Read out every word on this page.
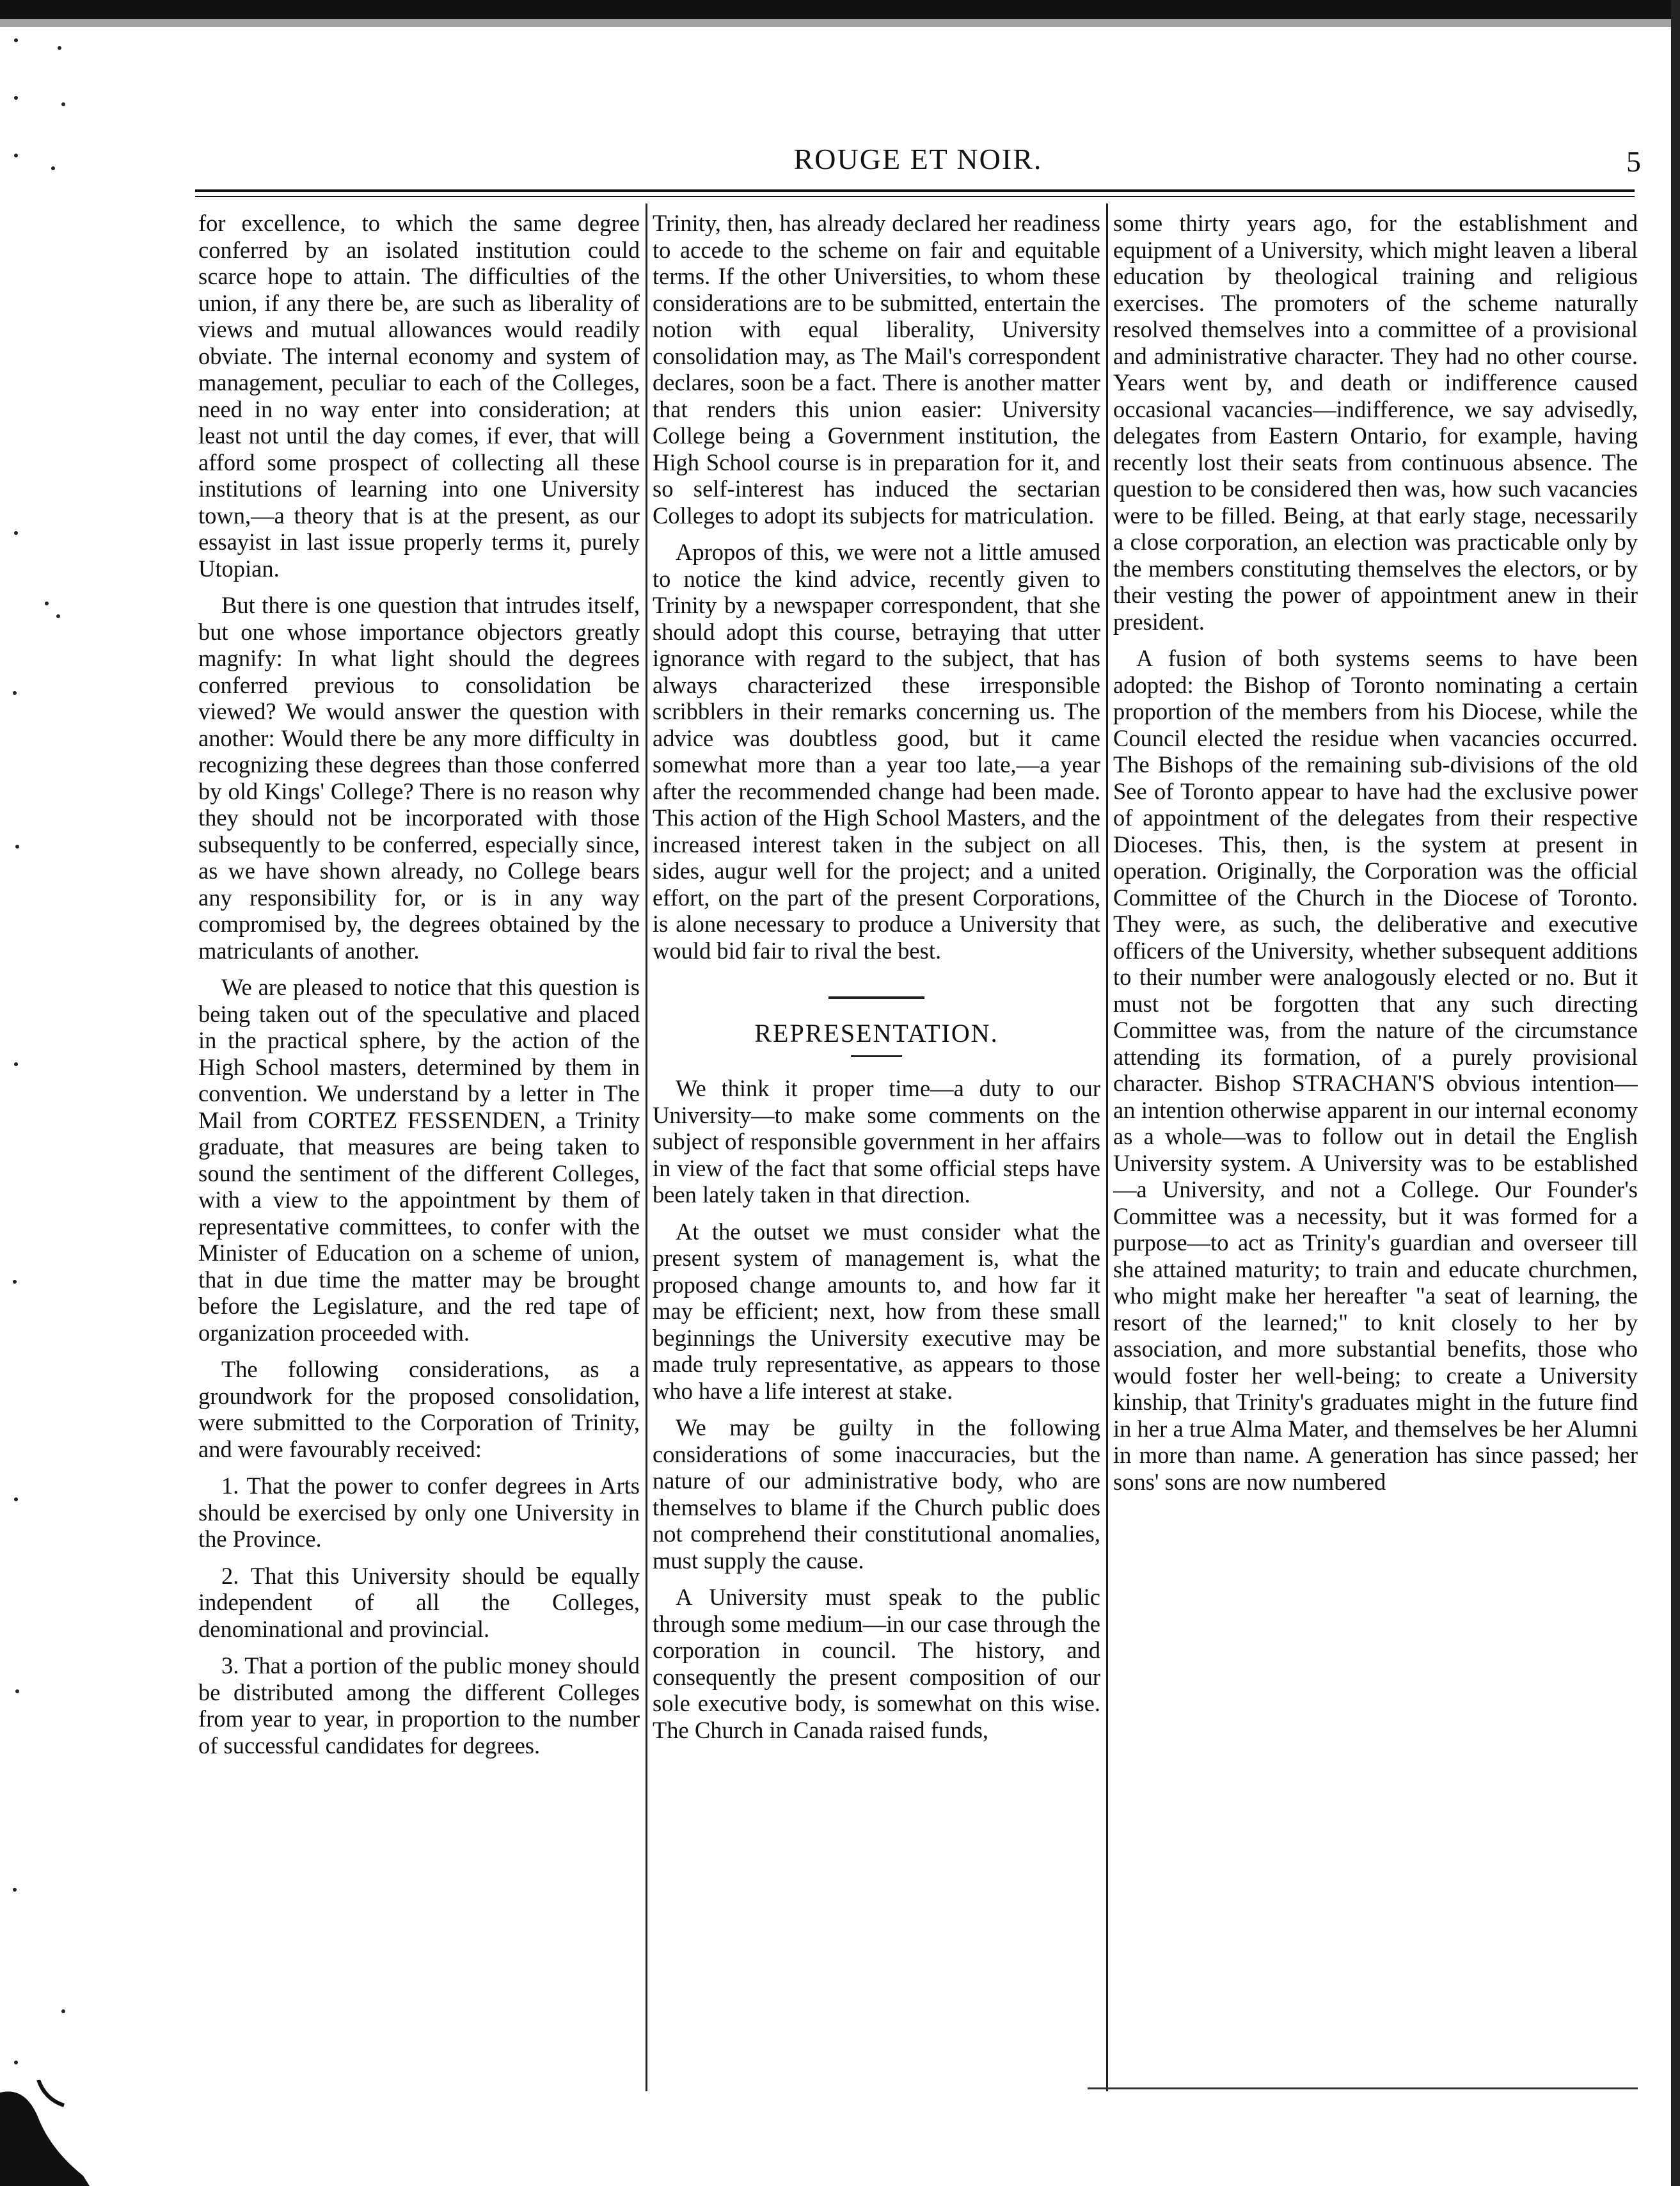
ROUGE ET NOIR.	5

for excellence, to which the same degree conferred by an isolated institution could scarce hope to attain. The difficulties of the union, if any there be, are such as liberality of views and mutual allowances would readily obviate. The internal economy and system of management, peculiar to each of the Colleges, need in no way enter into consideration; at least not until the day comes, if ever, that will afford some prospect of collecting all these institutions of learning into one University town,—a theory that is at the present, as our essayist in last issue properly terms it, purely Utopian.

But there is one question that intrudes itself, but one whose importance objectors greatly magnify: In what light should the degrees conferred previous to consolidation be viewed? We would answer the question with another: Would there be any more difficulty in recognizing these degrees than those conferred by old Kings' College? There is no reason why they should not be incorporated with those subsequently to be conferred, especially since, as we have shown already, no College bears any responsibility for, or is in any way compromised by, the degrees obtained by the matriculants of another.

We are pleased to notice that this question is being taken out of the speculative and placed in the practical sphere, by the action of the High School masters, determined by them in convention. We understand by a letter in The Mail from CORTEZ FESSENDEN, a Trinity graduate, that measures are being taken to sound the sentiment of the different Colleges, with a view to the appointment by them of representative committees, to confer with the Minister of Education on a scheme of union, that in due time the matter may be brought before the Legislature, and the red tape of organization proceeded with.

The following considerations, as a groundwork for the proposed consolidation, were submitted to the Corporation of Trinity, and were favourably received:

1. That the power to confer degrees in Arts should be exercised by only one University in the Province.

2. That this University should be equally independent of all the Colleges, denominational and provincial.

3. That a portion of the public money should be distributed among the different Colleges from year to year, in proportion to the number of successful candidates for degrees.

Trinity, then, has already declared her readiness to accede to the scheme on fair and equitable terms. If the other Universities, to whom these considerations are to be submitted, entertain the notion with equal liberality, University consolidation may, as The Mail's correspondent declares, soon be a fact. There is another matter that renders this union easier: University College being a Government institution, the High School course is in preparation for it, and so self-interest has induced the sectarian Colleges to adopt its subjects for matriculation.

Apropos of this, we were not a little amused to notice the kind advice, recently given to Trinity by a newspaper correspondent, that she should adopt this course, betraying that utter ignorance with regard to the subject, that has always characterized these irresponsible scribblers in their remarks concerning us. The advice was doubtless good, but it came somewhat more than a year too late,—a year after the recommended change had been made. This action of the High School Masters, and the increased interest taken in the subject on all sides, augur well for the project; and a united effort, on the part of the present Corporations, is alone necessary to produce a University that would bid fair to rival the best.

REPRESENTATION.

We think it proper time—a duty to our University—to make some comments on the subject of responsible government in her affairs in view of the fact that some official steps have been lately taken in that direction.

At the outset we must consider what the present system of management is, what the proposed change amounts to, and how far it may be efficient; next, how from these small beginnings the University executive may be made truly representative, as appears to those who have a life interest at stake.

We may be guilty in the following considerations of some inaccuracies, but the nature of our administrative body, who are themselves to blame if the Church public does not comprehend their constitutional anomalies, must supply the cause.

A University must speak to the public through some medium—in our case through the corporation in council. The history, and consequently the present composition of our sole executive body, is somewhat on this wise. The Church in Canada raised funds,

some thirty years ago, for the establishment and equipment of a University, which might leaven a liberal education by theological training and religious exercises. The promoters of the scheme naturally resolved themselves into a committee of a provisional and administrative character. They had no other course. Years went by, and death or indifference caused occasional vacancies—indifference, we say advisedly, delegates from Eastern Ontario, for example, having recently lost their seats from continuous absence. The question to be considered then was, how such vacancies were to be filled. Being, at that early stage, necessarily a close corporation, an election was practicable only by the members constituting themselves the electors, or by their vesting the power of appointment anew in their president.

A fusion of both systems seems to have been adopted: the Bishop of Toronto nominating a certain proportion of the members from his Diocese, while the Council elected the residue when vacancies occurred. The Bishops of the remaining sub-divisions of the old See of Toronto appear to have had the exclusive power of appointment of the delegates from their respective Dioceses. This, then, is the system at present in operation. Originally, the Corporation was the official Committee of the Church in the Diocese of Toronto. They were, as such, the deliberative and executive officers of the University, whether subsequent additions to their number were analogously elected or no. But it must not be forgotten that any such directing Committee was, from the nature of the circumstance attending its formation, of a purely provisional character. Bishop STRACHAN'S obvious intention—an intention otherwise apparent in our internal economy as a whole—was to follow out in detail the English University system. A University was to be established—a University, and not a College. Our Founder's Committee was a necessity, but it was formed for a purpose—to act as Trinity's guardian and overseer till she attained maturity; to train and educate churchmen, who might make her hereafter "a seat of learning, the resort of the learned;" to knit closely to her by association, and more substantial benefits, those who would foster her well-being; to create a University kinship, that Trinity's graduates might in the future find in her a true Alma Mater, and themselves be her Alumni in more than name. A generation has since passed; her sons' sons are now numbered
